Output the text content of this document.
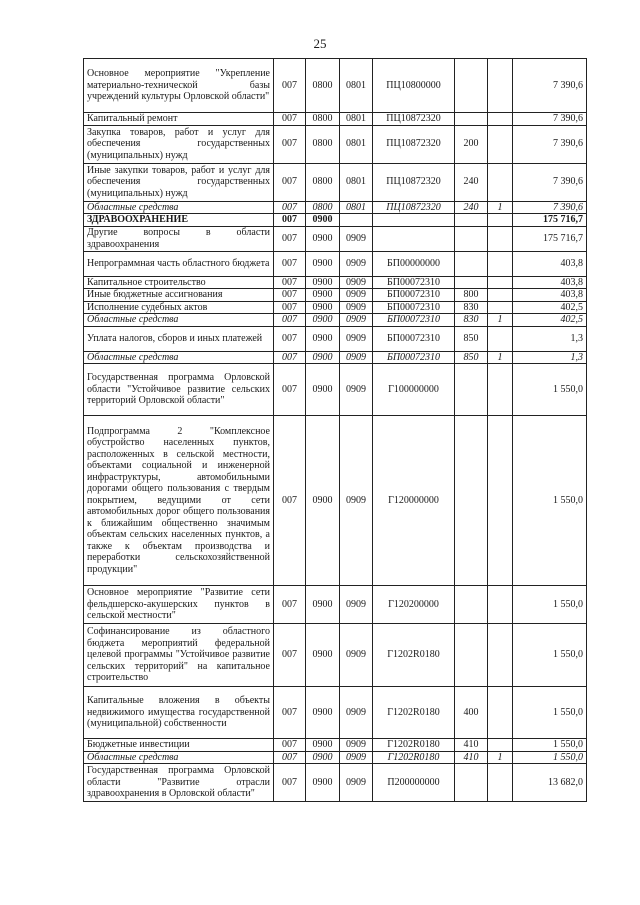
25
Основное мероприятие "Укрепление материально-технической базы учреждений культуры Орловской области"	007	0800	0801	ПЦ10800000			7 390,6
Капитальный ремонт	007	0800	0801	ПЦ10872320			7 390,6
Закупка товаров, работ и услуг для обеспечения государственных (муниципальных) нужд	007	0800	0801	ПЦ10872320	200		7 390,6
Иные закупки товаров, работ и услуг для обеспечения государственных (муниципальных) нужд	007	0800	0801	ПЦ10872320	240		7 390,6
Областные средства	007	0800	0801	ПЦ10872320	240	1	7 390,6
ЗДРАВООХРАНЕНИЕ	007	0900					175 716,7
Другие вопросы в области здравоохранения	007	0900	0909				175 716,7
Непрограммная часть областного бюджета	007	0900	0909	БП00000000			403,8
Капитальное строительство	007	0900	0909	БП00072310			403,8
Иные бюджетные ассигнования	007	0900	0909	БП00072310	800		403,8
Исполнение судебных актов	007	0900	0909	БП00072310	830		402,5
Областные средства	007	0900	0909	БП00072310	830	1	402,5
Уплата налогов, сборов и иных платежей	007	0900	0909	БП00072310	850		1,3
Областные средства	007	0900	0909	БП00072310	850	1	1,3
Государственная программа Орловской области "Устойчивое развитие сельских территорий Орловской области"	007	0900	0909	Г100000000			1 550,0
Подпрограмма 2 "Комплексное обустройство населенных пунктов, расположенных в сельской местности, объектами социальной и инженерной инфраструктуры, автомобильными дорогами общего пользования с твердым покрытием, ведущими от сети автомобильных дорог общего пользования к ближайшим общественно значимым объектам сельских населенных пунктов, а также к объектам производства и переработки сельскохозяйственной продукции"	007	0900	0909	Г120000000			1 550,0
Основное мероприятие "Развитие сети фельдшерско-акушерских пунктов в сельской местности"	007	0900	0909	Г120200000			1 550,0
Софинансирование из областного бюджета мероприятий федеральной целевой программы "Устойчивое развитие сельских территорий" на капитальное строительство	007	0900	0909	Г1202R0180			1 550,0
Капитальные вложения в объекты недвижимого имущества государственной (муниципальной) собственности	007	0900	0909	Г1202R0180	400		1 550,0
Бюджетные инвестиции	007	0900	0909	Г1202R0180	410		1 550,0
Областные средства	007	0900	0909	Г1202R0180	410	1	1 550,0
Государственная программа Орловской области "Развитие отрасли здравоохранения в Орловской области"	007	0900	0909	П200000000			13 682,0
